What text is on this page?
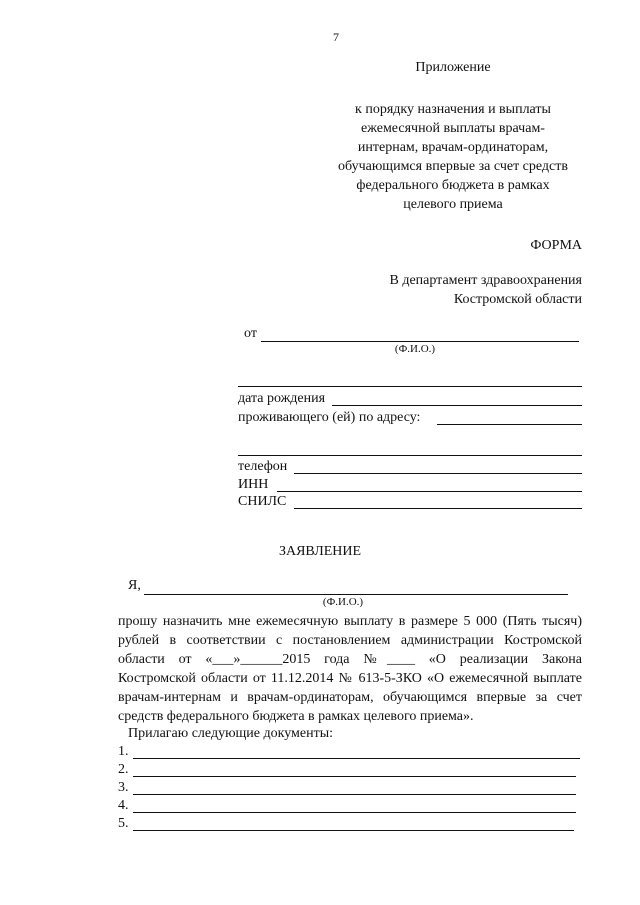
7
Приложение
к порядку назначения и выплаты
ежемесячной выплаты врачам-
интернам, врачам-ординаторам,
обучающимся впервые за счет средств
федерального бюджета в рамках
целевого приема
ФОРМА
В департамент здравоохранения
Костромской области
от
(Ф.И.О.)
дата рождения
проживающего (ей) по адресу:
телефон
ИНН
СНИЛС
ЗАЯВЛЕНИЕ
Я,
(Ф.И.О.)
прошу назначить мне ежемесячную выплату в размере 5 000 (Пять тысяч)
рублей в соответствии с постановлением администрации Костромской
области от «___»______2015 года №____ «О реализации Закона
Костромской области от 11.12.2014 № 613-5-ЗКО «О ежемесячной выплате
врачам-интернам и врачам-ординаторам, обучающимся впервые за счет
средств федерального бюджета в рамках целевого приема».
Прилагаю следующие документы:
1.
2.
3.
4.
5.
